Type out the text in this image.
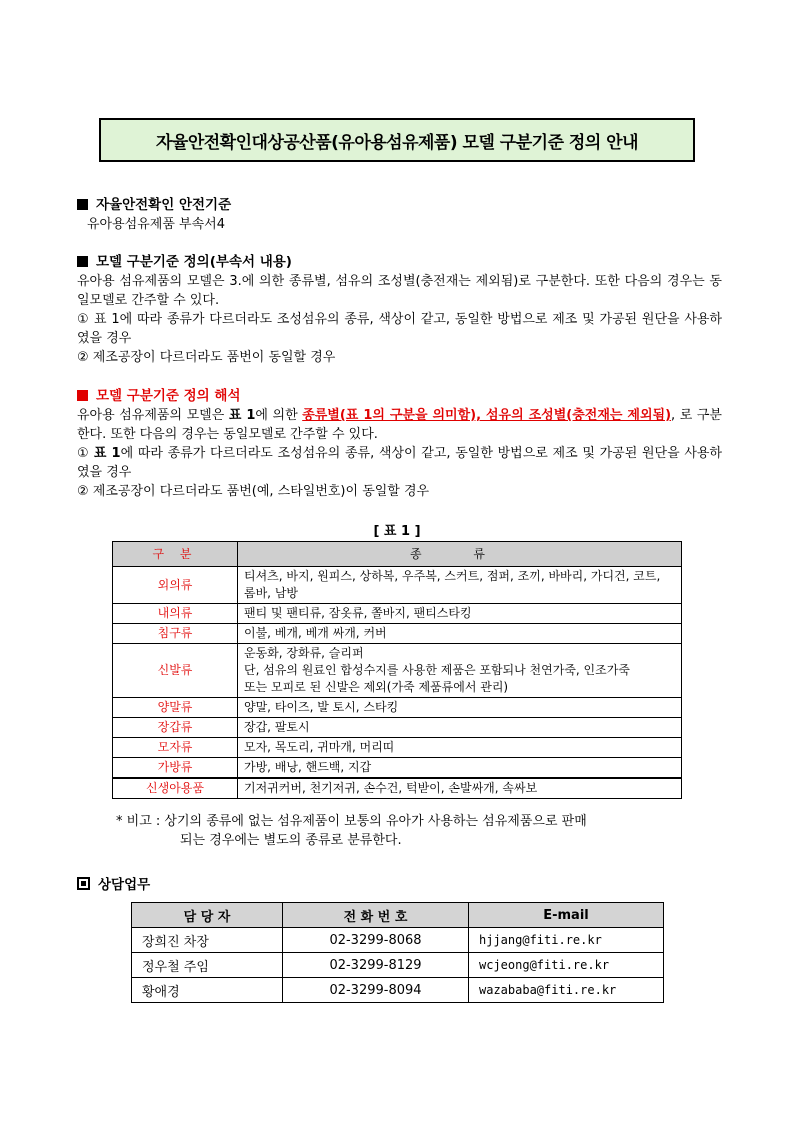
자율안전확인대상공산품(유아용섬유제품) 모델 구분기준 정의 안내
자율안전확인 안전기준
유아용섬유제품 부속서4
모델 구분기준 정의(부속서 내용)
유아용 섬유제품의 모델은 3.에 의한 종류별, 섬유의 조성별(충전재는 제외됨)로 구분한다. 또한 다음의 경우는 동일모델로 간주할 수 있다.
① 표 1에 따라 종류가 다르더라도 조성섬유의 종류, 색상이 같고, 동일한 방법으로 제조 및 가공된 원단을 사용하였을 경우
② 제조공장이 다르더라도 품번이 동일할 경우
모델 구분기준 정의 해석
유아용 섬유제품의 모델은 표 1에 의한 종류별(표 1의 구분을 의미함), 섬유의 조성별(충전재는 제외됨), 로 구분한다. 또한 다음의 경우는 동일모델로 간주할 수 있다.
① 표 1에 따라 종류가 다르더라도 조성섬유의 종류, 색상이 같고, 동일한 방법으로 제조 및 가공된 원단을 사용하였을 경우
② 제조공장이 다르더라도 품번(예, 스타일번호)이 동일할 경우
[ 표 1 ]
구 분	종 류
외의류	티셔츠, 바지, 원피스, 상하복, 우주복, 스커트, 점퍼, 조끼, 바바리, 가디건, 코트, 롬바, 남방
내의류	팬티 및 팬티류, 잠옷류, 쫄바지, 팬티스타킹
침구류	이불, 베개, 베개 싸개, 커버
신발류	운동화, 장화류, 슬리퍼
단, 섬유의 원료인 합성수지를 사용한 제품은 포함되나 천연가죽, 인조가죽
또는 모피로 된 신발은 제외(가죽 제품류에서 관리)

양말류	양말, 타이즈, 발 토시, 스타킹
장갑류	장갑, 팔토시
모자류	모자, 목도리, 귀마개, 머리띠
가방류	가방, 배낭, 핸드백, 지갑
신생아용품	기저귀커버, 천기저귀, 손수건, 턱받이, 손발싸개, 속싸보
* 비고 : 상기의 종류에 없는 섬유제품이 보통의 유아가 사용하는 섬유제품으로 판매
되는 경우에는 별도의 종류로 분류한다.
상담업무
담 당 자	전 화 번 호	E-mail
장희진 차장	02-3299-8068	hjjang@fiti.re.kr
정우철 주임	02-3299-8129	wcjeong@fiti.re.kr
황애경	02-3299-8094	wazababa@fiti.re.kr
